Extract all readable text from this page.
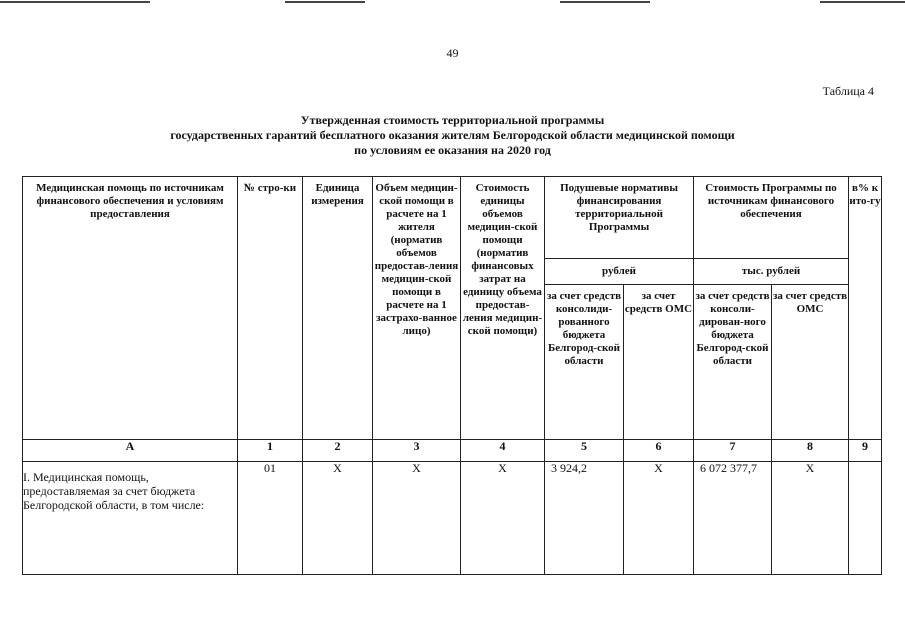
49
Таблица 4
Утвержденная стоимость территориальной программы
государственных гарантий бесплатного оказания жителям Белгородской области медицинской помощи
по условиям ее оказания на 2020 год
Медицинская помощь по источникам финансового обеспечения и условиям предоставления	№ стро-ки	Единица измерения	Объем медицин-ской помощи в расчете на 1 жителя (норматив объемов предостав-ления медицин-ской помощи в расчете на 1 застрахо-ванное лицо)	Стоимость единицы объемов медицин-ской помощи (норматив финансовых затрат на единицу объема предостав-ления медицин-ской помощи)	Подушевые нормативы финансирования территориальной Программы		Стоимость Программы по источникам финансового обеспечения		в% к ито-гу
					рублей		тыс. рублей		
					за счет средств консолиди-рованного бюджета Белгород-ской области	за счет средств ОМС	за счет средств консоли-дирован-ного бюджета Белгород-ской области	за счет средств ОМС	
А	1	2	3	4	5	6	7	8	9
I. Медицинская помощь, предоставляемая за счет бюджета Белгородской области, в том числе:	01	X	X	X	3 924,2	X	6 072 377,7	X	
